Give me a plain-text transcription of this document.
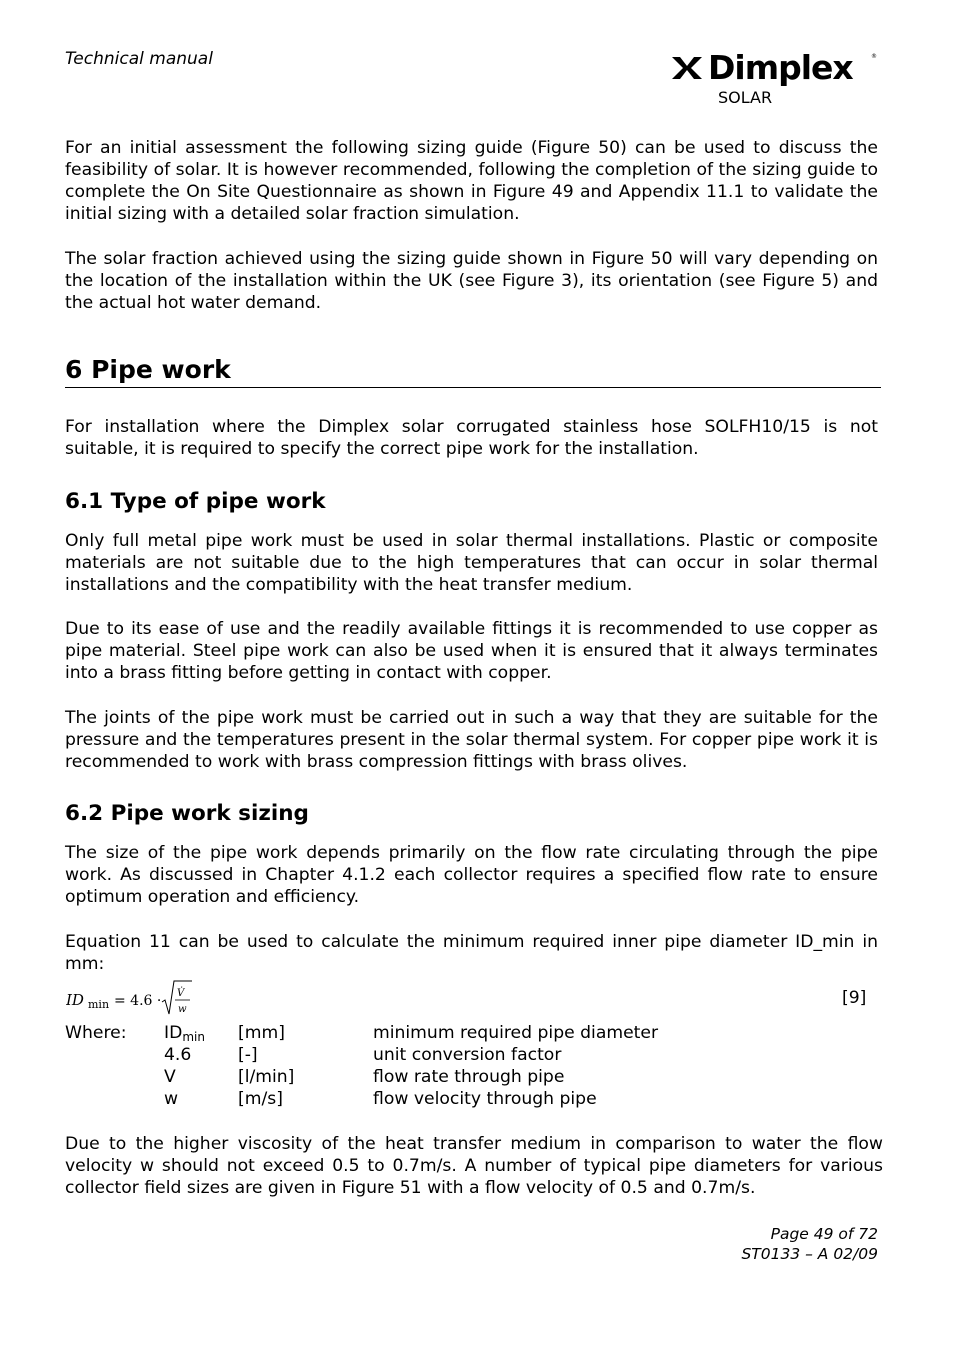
Technical manual	Dimplex	®
SOLAR
For an initial assessment the following sizing guide (Figure 50) can be used to discuss the feasibility of solar. It is however recommended, following the completion of the sizing guide to complete the On Site Questionnaire as shown in Figure 49 and Appendix 11.1 to validate the initial sizing with a detailed solar fraction simulation.
The solar fraction achieved using the sizing guide shown in Figure 50 will vary depending on the location of the installation within the UK (see Figure 3), its orientation (see Figure 5) and the actual hot water demand.
6 Pipe work
For installation where the Dimplex solar corrugated stainless hose SOLFH10/15 is not suitable, it is required to specify the correct pipe work for the installation.
6.1 Type of pipe work
Only full metal pipe work must be used in solar thermal installations. Plastic or composite materials are not suitable due to the high temperatures that can occur in solar thermal installations and the compatibility with the heat transfer medium.
Due to its ease of use and the readily available fittings it is recommended to use copper as pipe material. Steel pipe work can also be used when it is ensured that it always terminates into a brass fitting before getting in contact with copper.
The joints of the pipe work must be carried out in such a way that they are suitable for the pressure and the temperatures present in the solar thermal system. For copper pipe work it is recommended to work with brass compression fittings with brass olives.
6.2 Pipe work sizing
The size of the pipe work depends primarily on the flow rate circulating through the pipe work. As discussed in Chapter 4.1.2 each collector requires a specified flow rate to ensure optimum operation and efficiency.
Equation 11 can be used to calculate the minimum required inner pipe diameter ID_min in mm:
ID min = 4.6 · V̇
w
[9]
Where: $ID_{min}$
4.6
V
w
[mm]
[-]
[l/min]
[m/s]
minimum required pipe diameter
unit conversion factor
flow rate through pipe
flow velocity through pipe
Due to the higher viscosity of the heat transfer medium in comparison to water the flow velocity w should not exceed 0.5 to 0.7m/s. A number of typical pipe diameters for various collector field sizes are given in Figure 51 with a flow velocity of 0.5 and 0.7m/s.
Page 49 of 72
ST0133 – A 02/09
